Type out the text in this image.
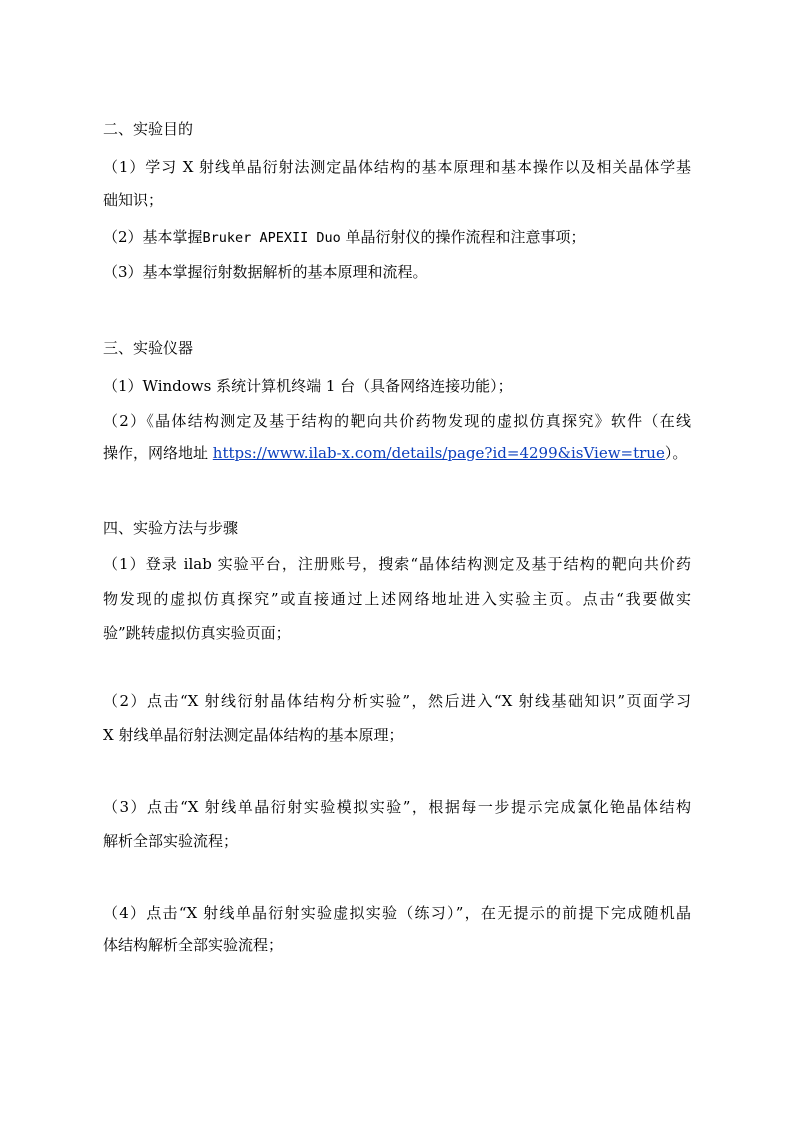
二、实验目的

（1）学习 X 射线单晶衍射法测定晶体结构的基本原理和基本操作以及相关晶体学基

础知识；

（2）基本掌握Bruker APEXII Duo 单晶衍射仪的操作流程和注意事项；

（3）基本掌握衍射数据解析的基本原理和流程。

三、实验仪器

（1）Windows 系统计算机终端 1 台（具备网络连接功能）；

（2）《晶体结构测定及基于结构的靶向共价药物发现的虚拟仿真探究》软件（在线

操作，网络地址 https://www.ilab-x.com/details/page?id=4299&isView=true）。

四、实验方法与步骤

（1）登录 ilab 实验平台，注册账号，搜索“晶体结构测定及基于结构的靶向共价药

物发现的虚拟仿真探究”或直接通过上述网络地址进入实验主页。点击“我要做实

验”跳转虚拟仿真实验页面；

（2）点击“X 射线衍射晶体结构分析实验”，然后进入“X 射线基础知识”页面学习

X 射线单晶衍射法测定晶体结构的基本原理；

（3）点击“X 射线单晶衍射实验模拟实验”，根据每一步提示完成氯化铯晶体结构

解析全部实验流程；

（4）点击“X 射线单晶衍射实验虚拟实验（练习）”，在无提示的前提下完成随机晶

体结构解析全部实验流程；
